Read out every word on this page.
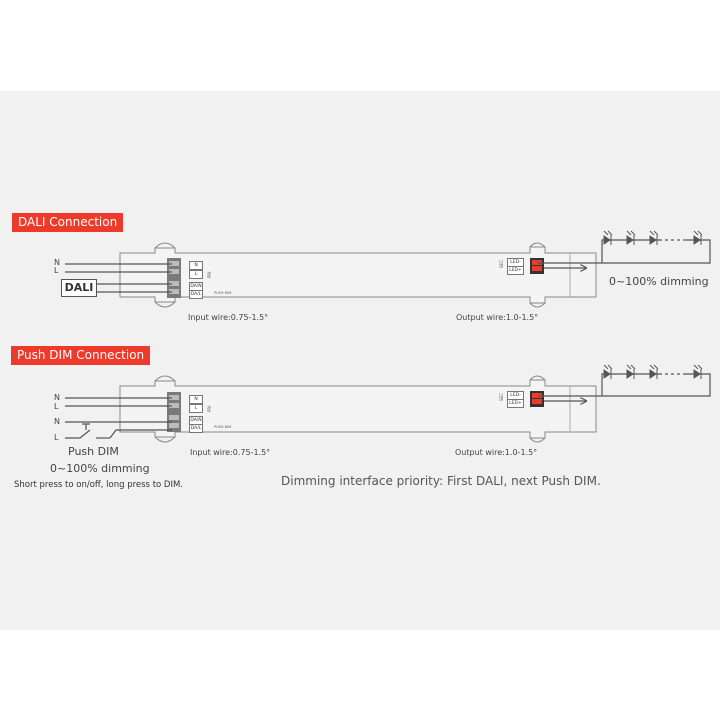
DALI Connection
N
L
DALI
N
L
DA/N
DA/L
PRI
PUSH DIM
LED-
LED+
SEC
Input wire:0.75-1.5°	Output wire:1.0-1.5°
0~100% dimming
Push DIM Connection
N
L
N
L
N
L
DA/N
DA/L
PRI
PUSH DIM
LED-
LED+
SEC
Input wire:0.75-1.5°	Output wire:1.0-1.5°
Push DIM
0~100% dimming
Short press to on/off, long press to DIM.	Dimming interface priority: First DALI, next Push DIM.
